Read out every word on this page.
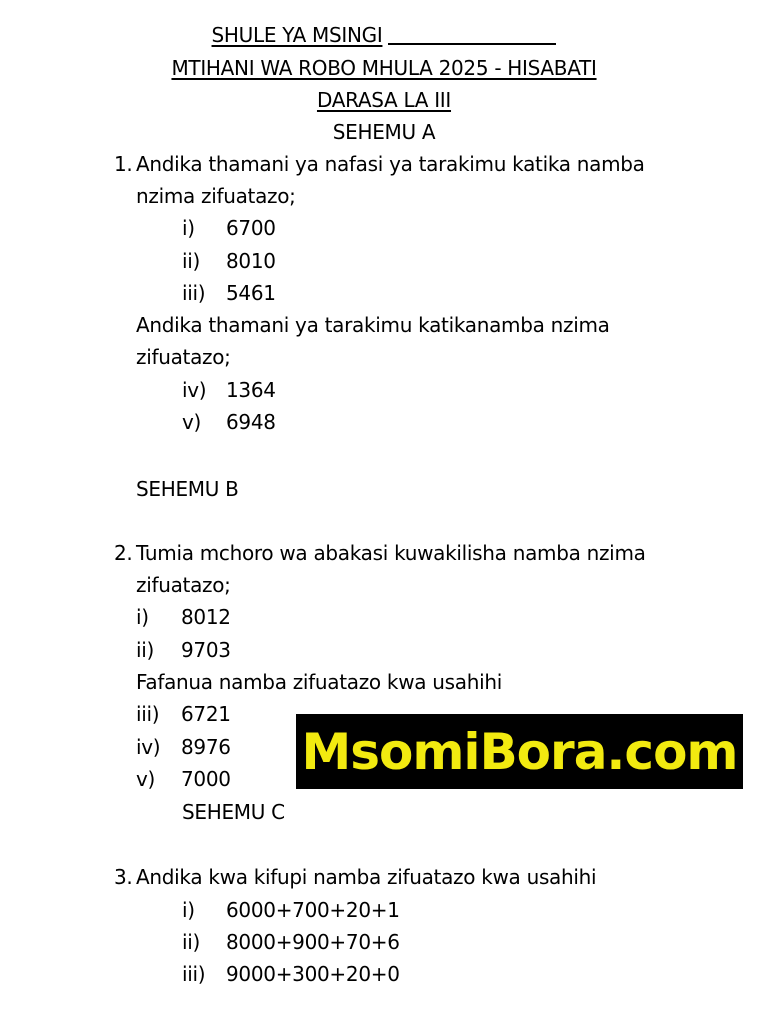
SHULE YA MSINGI
MTIHANI WA ROBO MHULA 2025 - HISABATI
DARASA LA III
SEHEMU A
1. Andika thamani ya nafasi ya tarakimu katika namba
nzima zifuatazo;
i) 6700
ii) 8010
iii) 5461
Andika thamani ya tarakimu katikanamba nzima
zifuatazo;
iv) 1364
v) 6948
SEHEMU B
2. Tumia mchoro wa abakasi kuwakilisha namba nzima
zifuatazo;
i) 8012
ii) 9703
Fafanua namba zifuatazo kwa usahihi
iii) 6721
iv) 8976
v) 7000
SEHEMU C
3. Andika kwa kifupi namba zifuatazo kwa usahihi
i) 6000+700+20+1
ii) 8000+900+70+6
iii) 9000+300+20+0
MsomiBora.com
